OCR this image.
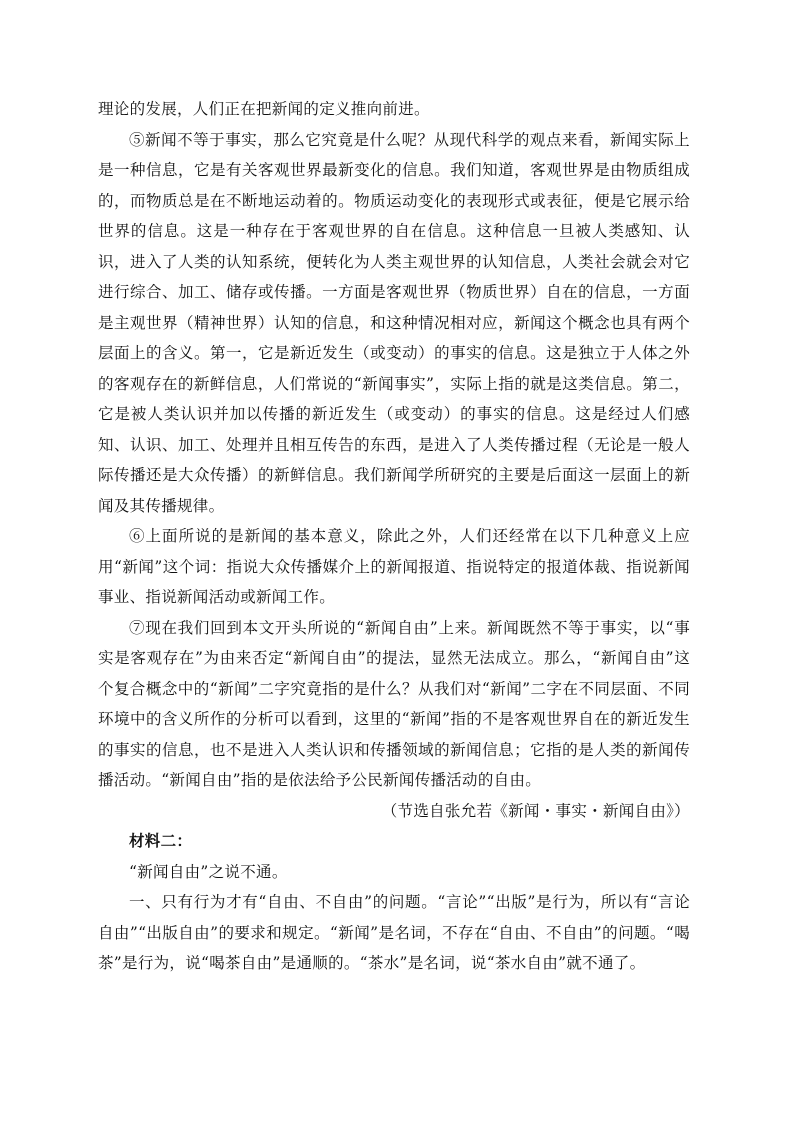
理论的发展，人们正在把新闻的定义推向前进。

⑤新闻不等于事实，那么它究竟是什么呢？从现代科学的观点来看，新闻实际上是一种信息，它是有关客观世界最新变化的信息。我们知道，客观世界是由物质组成的，而物质总是在不断地运动着的。物质运动变化的表现形式或表征，便是它展示给世界的信息。这是一种存在于客观世界的自在信息。这种信息一旦被人类感知、认识，进入了人类的认知系统，便转化为人类主观世界的认知信息，人类社会就会对它进行综合、加工、储存或传播。一方面是客观世界（物质世界）自在的信息，一方面是主观世界（精神世界）认知的信息，和这种情况相对应，新闻这个概念也具有两个层面上的含义。第一，它是新近发生（或变动）的事实的信息。这是独立于人体之外的客观存在的新鲜信息，人们常说的“新闻事实”，实际上指的就是这类信息。第二，它是被人类认识并加以传播的新近发生（或变动）的事实的信息。这是经过人们感知、认识、加工、处理并且相互传告的东西，是进入了人类传播过程（无论是一般人际传播还是大众传播）的新鲜信息。我们新闻学所研究的主要是后面这一层面上的新闻及其传播规律。

⑥上面所说的是新闻的基本意义，除此之外，人们还经常在以下几种意义上应用“新闻”这个词：指说大众传播媒介上的新闻报道、指说特定的报道体裁、指说新闻事业、指说新闻活动或新闻工作。

⑦现在我们回到本文开头所说的“新闻自由”上来。新闻既然不等于事实，以“事实是客观存在”为由来否定“新闻自由”的提法，显然无法成立。那么，“新闻自由”这个复合概念中的“新闻”二字究竟指的是什么？从我们对“新闻”二字在不同层面、不同环境中的含义所作的分析可以看到，这里的“新闻”指的不是客观世界自在的新近发生的事实的信息，也不是进入人类认识和传播领域的新闻信息；它指的是人类的新闻传播活动。“新闻自由”指的是依法给予公民新闻传播活动的自由。

（节选自张允若《新闻・事实・新闻自由》）

材料二：

“新闻自由”之说不通。

一、只有行为才有“自由、不自由”的问题。“言论”“出版”是行为，所以有“言论自由”“出版自由”的要求和规定。“新闻”是名词，不存在“自由、不自由”的问题。“喝茶”是行为，说“喝茶自由”是通顺的。“茶水”是名词，说“茶水自由”就不通了。
